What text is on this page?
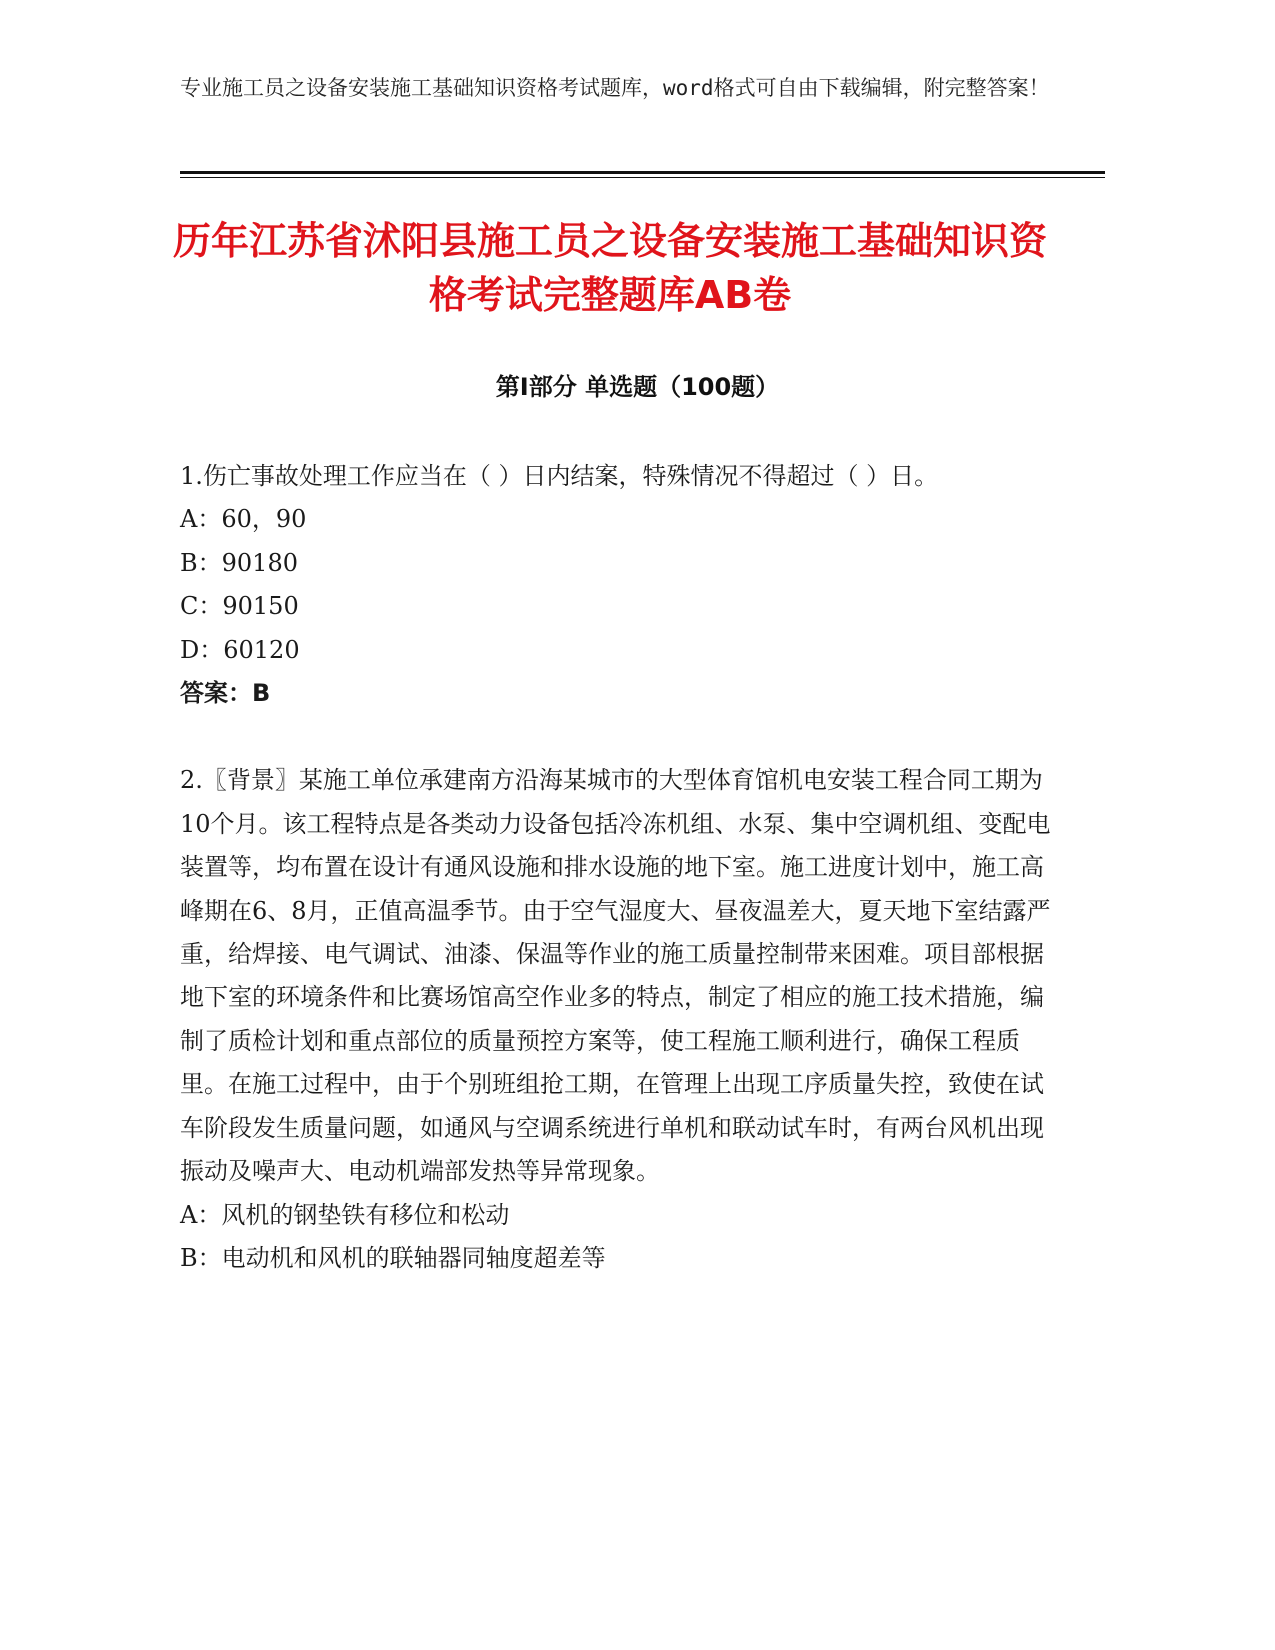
专业施工员之设备安装施工基础知识资格考试题库，word格式可自由下载编辑，附完整答案！
历年江苏省沭阳县施工员之设备安装施工基础知识资格考试完整题库AB卷
第Ⅰ部分 单选题（100题）

1.伤亡事故处理工作应当在（ ）日内结案，特殊情况不得超过（ ）日。

A：60，90

B：90180

C：90150

D：60120

答案：B

2.〖背景〗某施工单位承建南方沿海某城市的大型体育馆机电安装工程合同工期为10个月。该工程特点是各类动力设备包括冷冻机组、水泵、集中空调机组、变配电装置等，均布置在设计有通风设施和排水设施的地下室。施工进度计划中，施工高峰期在6、8月，正值高温季节。由于空气湿度大、昼夜温差大，夏天地下室结露严重，给焊接、电气调试、油漆、保温等作业的施工质量控制带来困难。项目部根据地下室的环境条件和比赛场馆高空作业多的特点，制定了相应的施工技术措施，编制了质检计划和重点部位的质量预控方案等，使工程施工顺利进行，确保工程质里。在施工过程中，由于个别班组抢工期，在管理上出现工序质量失控，致使在试车阶段发生质量问题，如通风与空调系统进行单机和联动试车时，有两台风机出现振动及噪声大、电动机端部发热等异常现象。

A：风机的钢垫铁有移位和松动

B：电动机和风机的联轴器同轴度超差等
